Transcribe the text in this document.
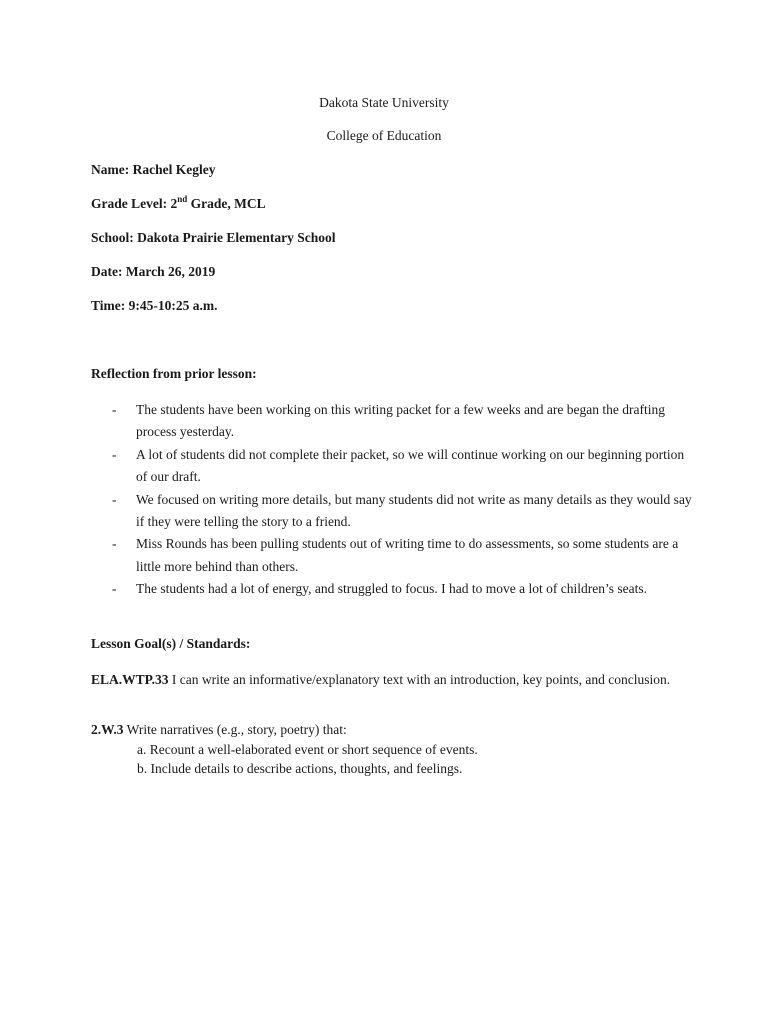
Dakota State University
College of Education
Name: Rachel Kegley
Grade Level: 2nd Grade, MCL
School: Dakota Prairie Elementary School
Date: March 26, 2019
Time: 9:45-10:25 a.m.
Reflection from prior lesson:
- The students have been working on this writing packet for a few weeks and are began the drafting process yesterday.
- A lot of students did not complete their packet, so we will continue working on our beginning portion of our draft.
- We focused on writing more details, but many students did not write as many details as they would say if they were telling the story to a friend.
- Miss Rounds has been pulling students out of writing time to do assessments, so some students are a little more behind than others.
- The students had a lot of energy, and struggled to focus. I had to move a lot of children’s seats.
Lesson Goal(s) / Standards:
ELA.WTP.33 I can write an informative/explanatory text with an introduction, key points, and conclusion.
2.W.3 Write narratives (e.g., story, poetry) that:
a. Recount a well-elaborated event or short sequence of events.
b. Include details to describe actions, thoughts, and feelings.
